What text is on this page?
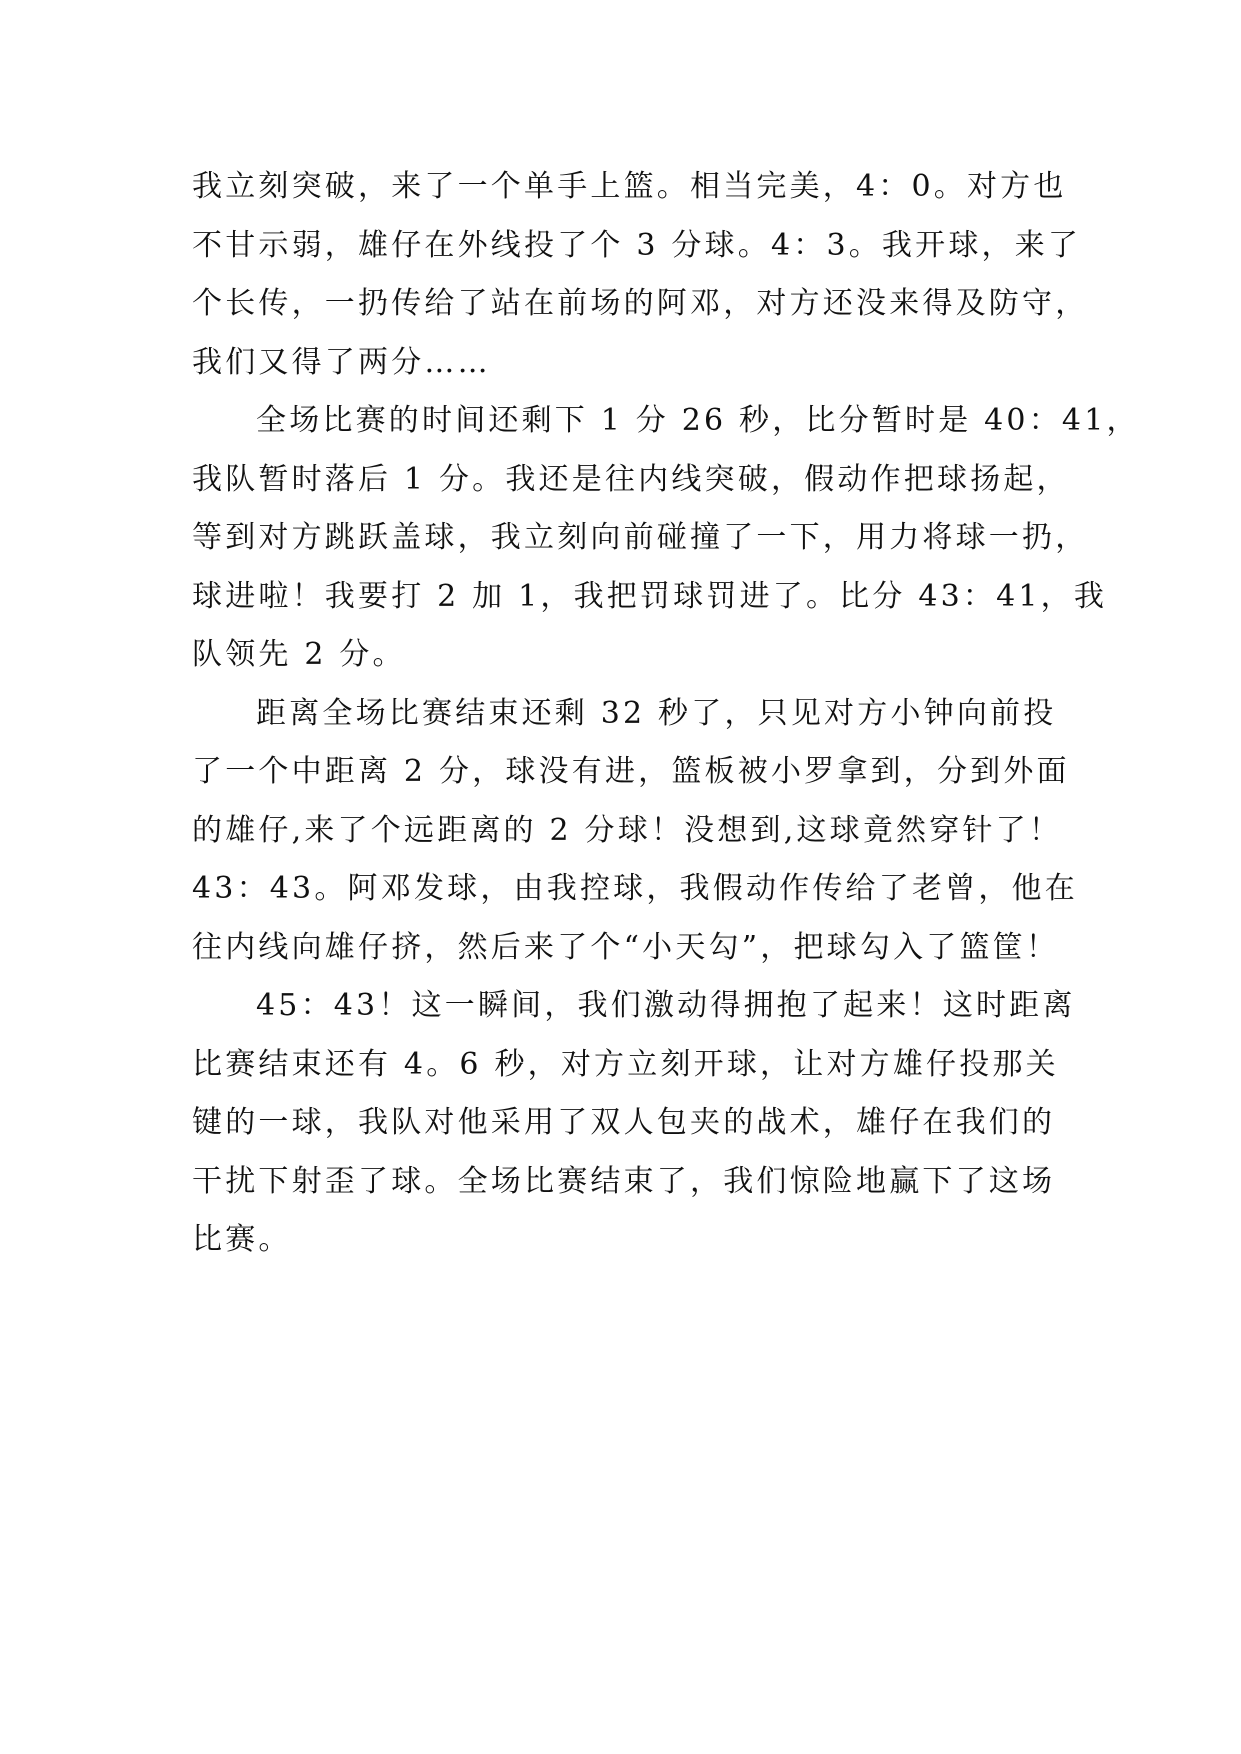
我立刻突破，来了一个单手上篮。相当完美，4：0。对方也
不甘示弱，雄仔在外线投了个 3 分球。4：3。我开球，来了
个长传，一扔传给了站在前场的阿邓，对方还没来得及防守，
我们又得了两分……
全场比赛的时间还剩下 1 分 26 秒，比分暂时是 40：41，
我队暂时落后 1 分。我还是往内线突破，假动作把球扬起，
等到对方跳跃盖球，我立刻向前碰撞了一下，用力将球一扔，
球进啦！我要打 2 加 1，我把罚球罚进了。比分 43：41，我
队领先 2 分。
距离全场比赛结束还剩 32 秒了，只见对方小钟向前投
了一个中距离 2 分，球没有进，篮板被小罗拿到，分到外面
的雄仔,来了个远距离的 2 分球！没想到,这球竟然穿针了！
43：43。阿邓发球，由我控球，我假动作传给了老曾，他在
往内线向雄仔挤，然后来了个“小天勾”，把球勾入了篮筐！
45：43！这一瞬间，我们激动得拥抱了起来！这时距离
比赛结束还有 4。6 秒，对方立刻开球，让对方雄仔投那关
键的一球，我队对他采用了双人包夹的战术，雄仔在我们的
干扰下射歪了球。全场比赛结束了，我们惊险地赢下了这场
比赛。
